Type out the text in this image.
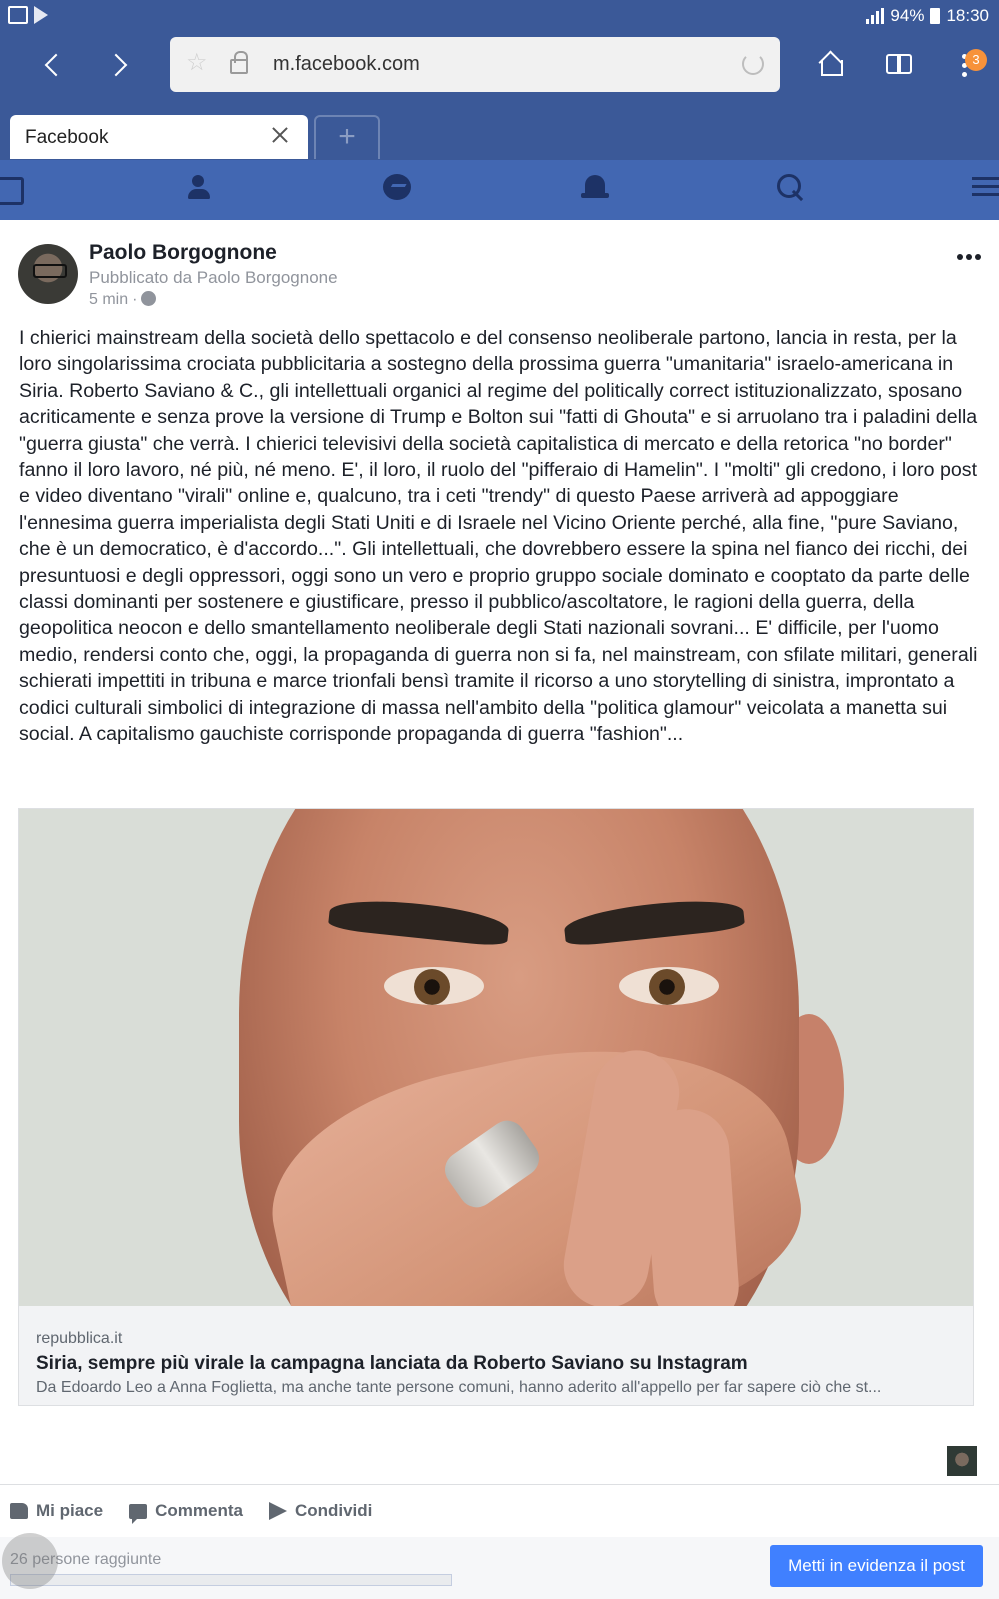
94% 18:30
☆	m.facebook.com	3
Facebook	+
Paolo Borgognone
Pubblicato da Paolo Borgognone
5 min ·
I chierici mainstream della società dello spettacolo e del consenso neoliberale partono, lancia in resta, per la loro singolarissima crociata pubblicitaria a sostegno della prossima guerra "umanitaria" israelo-americana in Siria. Roberto Saviano & C., gli intellettuali organici al regime del politically correct istituzionalizzato, sposano acriticamente e senza prove la versione di Trump e Bolton sui "fatti di Ghouta" e si arruolano tra i paladini della "guerra giusta" che verrà. I chierici televisivi della società capitalistica di mercato e della retorica "no border" fanno il loro lavoro, né più, né meno. E', il loro, il ruolo del "pifferaio di Hamelin". I "molti" gli credono, i loro post e video diventano "virali" online e, qualcuno, tra i ceti "trendy" di questo Paese arriverà ad appoggiare l'ennesima guerra imperialista degli Stati Uniti e di Israele nel Vicino Oriente perché, alla fine, "pure Saviano, che è un democratico, è d'accordo...". Gli intellettuali, che dovrebbero essere la spina nel fianco dei ricchi, dei presuntuosi e degli oppressori, oggi sono un vero e proprio gruppo sociale dominato e cooptato da parte delle classi dominanti per sostenere e giustificare, presso il pubblico/ascoltatore, le ragioni della guerra, della geopolitica neocon e dello smantellamento neoliberale degli Stati nazionali sovrani... E' difficile, per l'uomo medio, rendersi conto che, oggi, la propaganda di guerra non si fa, nel mainstream, con sfilate militari, generali schierati impettiti in tribuna e marce trionfali bensì tramite il ricorso a uno storytelling di sinistra, improntato a codici culturali simbolici di integrazione di massa nell'ambito della "politica glamour" veicolata a manetta sui social. A capitalismo gauchiste corrisponde propaganda di guerra "fashion"...
repubblica.it
Siria, sempre più virale la campagna lanciata da Roberto Saviano su Instagram
Da Edoardo Leo a Anna Foglietta, ma anche tante persone comuni, hanno aderito all'appello per far sapere ciò che st...
Mi piace	Commenta	Condividi
26 persone raggiunte	Metti in evidenza il post
